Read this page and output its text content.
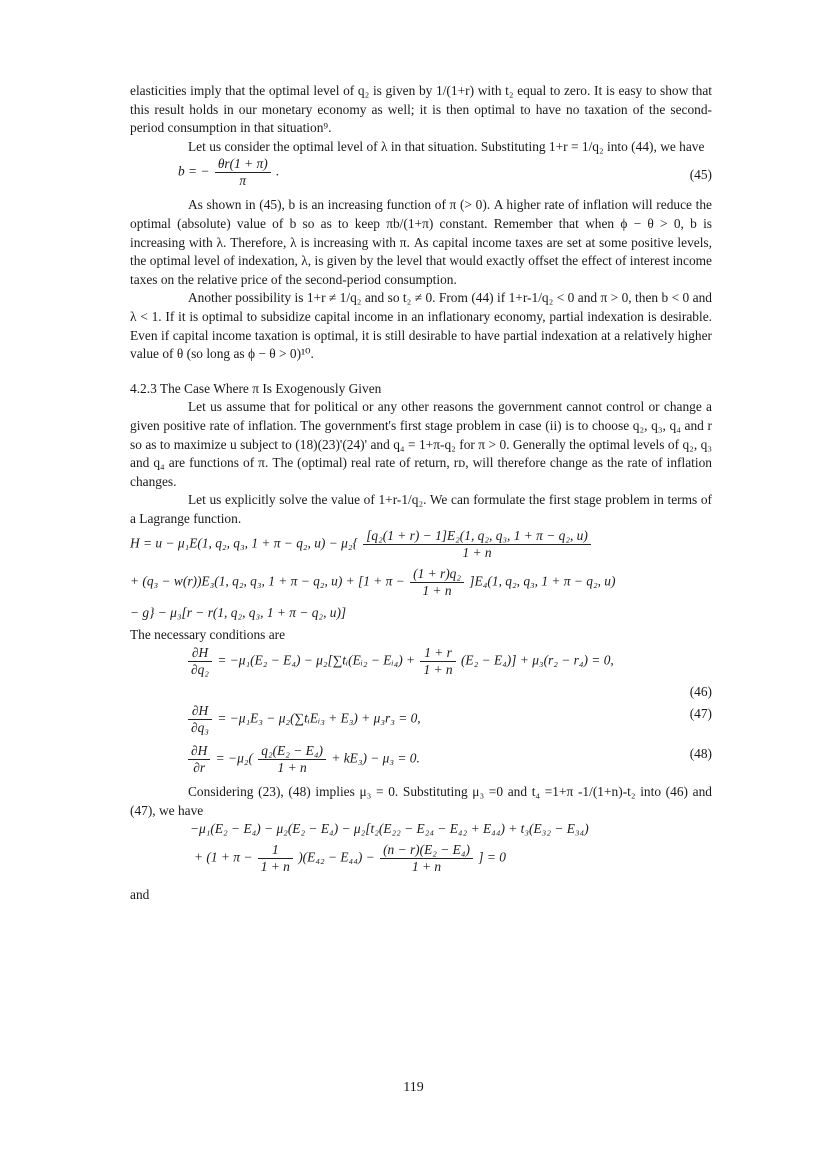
elasticities imply that the optimal level of q₂ is given by 1/(1+r) with t₂ equal to zero. It is easy to show that this result holds in our monetary economy as well; it is then optimal to have no taxation of the second-period consumption in that situation⁹.

Let us consider the optimal level of λ in that situation. Substituting 1+r = 1/q₂ into (44), we have

b = − $\frac{\theta r(1 + \pi)}{\pi}$ .	(45)

As shown in (45), b is an increasing function of π (> 0). A higher rate of inflation will reduce the optimal (absolute) value of b so as to keep πb/(1+π) constant. Remember that when ϕ − θ > 0, b is increasing with λ. Therefore, λ is increasing with π. As capital income taxes are set at some positive levels, the optimal level of indexation, λ, is given by the level that would exactly offset the effect of interest income taxes on the relative price of the second-period consumption.

Another possibility is 1+r ≠ 1/q₂ and so t₂ ≠ 0. From (44) if 1+r-1/q₂ < 0 and π > 0, then b < 0 and λ < 1. If it is optimal to subsidize capital income in an inflationary economy, partial indexation is desirable. Even if capital income taxation is optimal, it is still desirable to have partial indexation at a relatively higher value of θ (so long as ϕ − θ > 0)¹⁰.

4.2.3 The Case Where π Is Exogenously Given

Let us assume that for political or any other reasons the government cannot control or change a given positive rate of inflation. The government's first stage problem in case (ii) is to choose q₂, q₃, q₄ and r so as to maximize u subject to (18)(23)'(24)' and q₄ = 1+π-q₂ for π > 0. Generally the optimal levels of q₂, q₃ and q₄ are functions of π. The (optimal) real rate of return, rᴅ, will therefore change as the rate of inflation changes.

Let us explicitly solve the value of 1+r-1/q₂. We can formulate the first stage problem in terms of a Lagrange function.

H = u − μ₁E(1, q₂, q₃, 1 + π − q₂, $u) - \mu_2\{ \frac{\text{[q₂(1 + r) − 1]E₂(1, q₂, q₃, 1 + π − q₂, u)}}{1 + n}$
+ (q₃ − w(r))E₃(1, q₂, q₃, 1 + π − q₂, $u) + [1 + \pi - \frac{\text{(1 + r)q₂}}{1 + n} ]E_4(1$, q₂, q₃, 1 + π − q₂, u)
− g} − μ₃[r − r(1, q₂, q₃, 1 + π − q₂, u)]

The necessary conditions are

$\frac{\partial H}{\text{∂q₂}} = -\mu_1(E_2 - E_4)$ − μ₂[∑tᵢ(Eᵢ₂ − Eᵢ₄) + $\frac{1 + r}{1 + n} (E_2 - E_4)] + \mu_3(r_2 - r_4) = 0$,
(46)
$\frac{\partial H}{\text{∂q₃}} = -\mu_1E_3$ − μ₂(∑tᵢEᵢ₃ + E₃) + μ₃r₃ = 0,	(47)
$\frac{\partial H}{\partial r} = -\mu_2( \frac{\text{q₂(E₂ − E₄)}}{1 + n} + kE_3) - \mu_3 = 0$.	(48)

Considering (23), (48) implies μ₃ = 0. Substituting μ₃ =0 and t₄ =1+π -1/(1+n)-t₂ into (46) and (47), we have

−μ₁(E₂ − E₄) − μ₂(E₂ − E₄) − μ₂[t₂(E₂₂ − E₂₄ − E₄₂ + E₄₄) + t₃(E₃₂ − E₃₄)
+ $(1 + \pi - \frac{1}{1 + n} )(E_{42} - E_{44}) - \frac{\text{(n − r)(E₂ − E₄)}}{1 + n}$ ] = 0

and

119
